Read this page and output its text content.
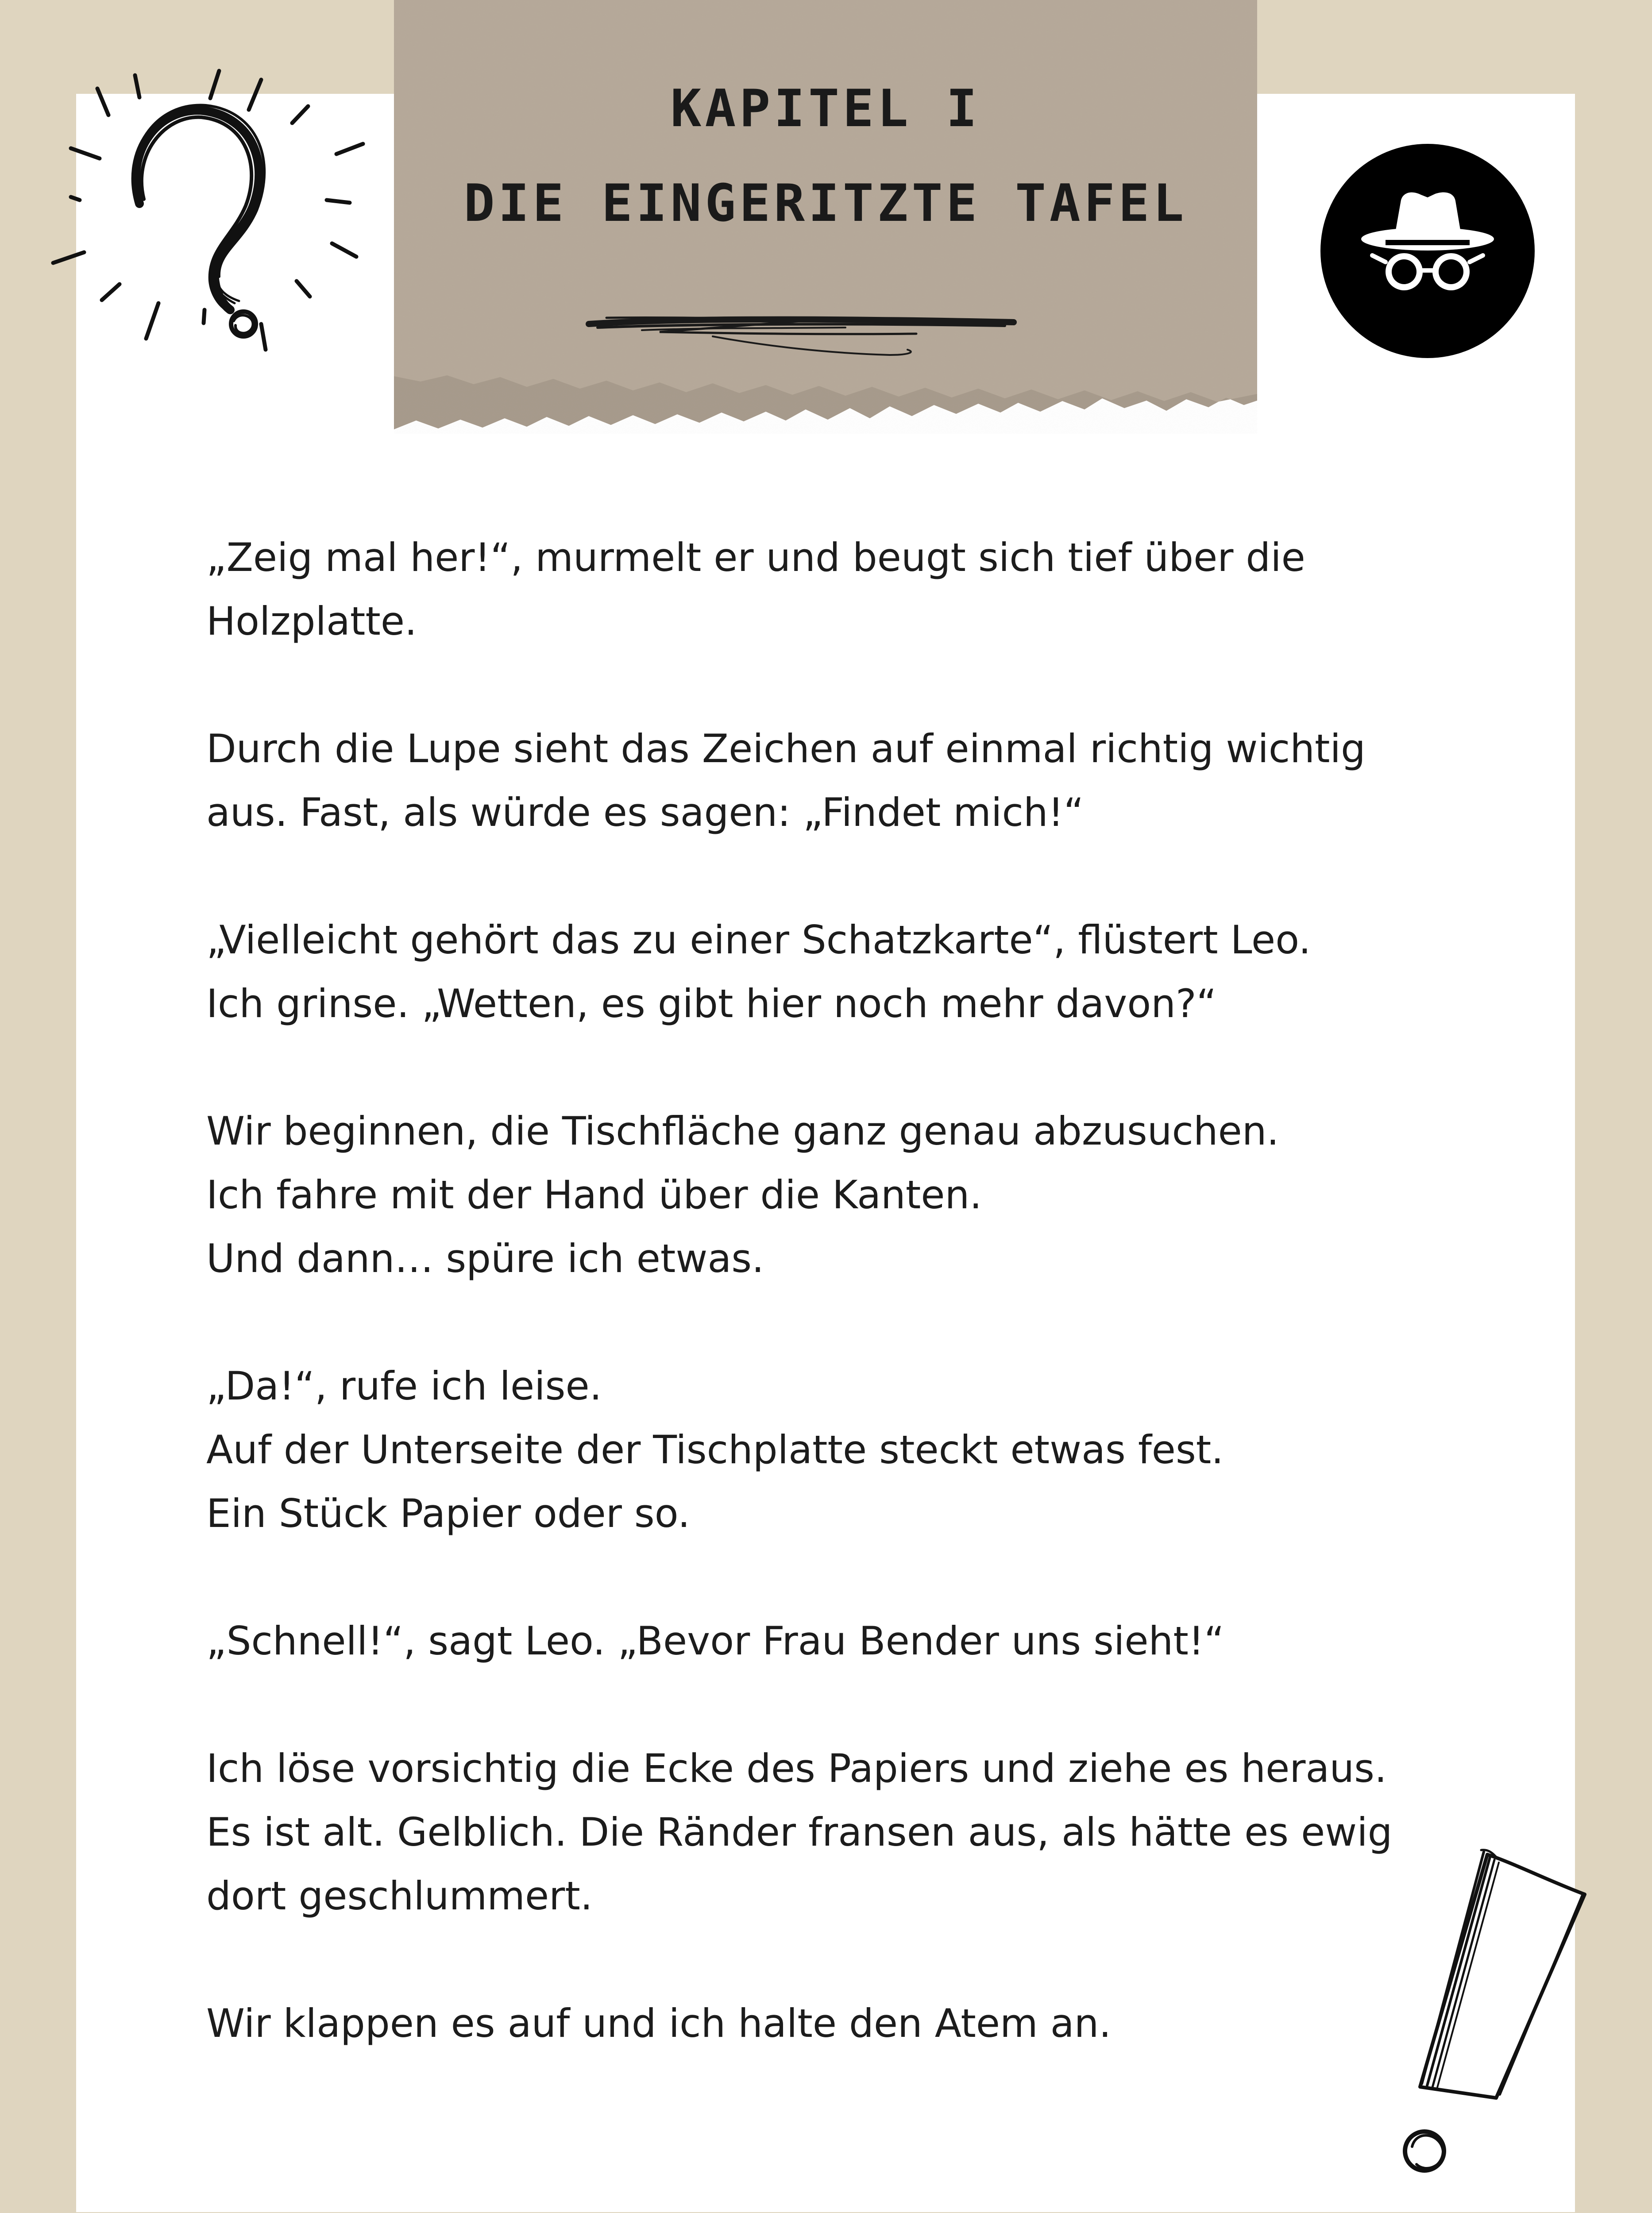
KAPITEL I
DIE EINGERITZTE TAFEL

„Zeig mal her!“, murmelt er und beugt sich tief über die
Holzplatte.

Durch die Lupe sieht das Zeichen auf einmal richtig wichtig
aus. Fast, als würde es sagen: „Findet mich!“

„Vielleicht gehört das zu einer Schatzkarte“, flüstert Leo.
Ich grinse. „Wetten, es gibt hier noch mehr davon?“

Wir beginnen, die Tischfläche ganz genau abzusuchen.
Ich fahre mit der Hand über die Kanten.
Und dann… spüre ich etwas.

„Da!“, rufe ich leise.
Auf der Unterseite der Tischplatte steckt etwas fest.
Ein Stück Papier oder so.

„Schnell!“, sagt Leo. „Bevor Frau Bender uns sieht!“

Ich löse vorsichtig die Ecke des Papiers und ziehe es heraus.
Es ist alt. Gelblich. Die Ränder fransen aus, als hätte es ewig
dort geschlummert.

Wir klappen es auf und ich halte den Atem an.
